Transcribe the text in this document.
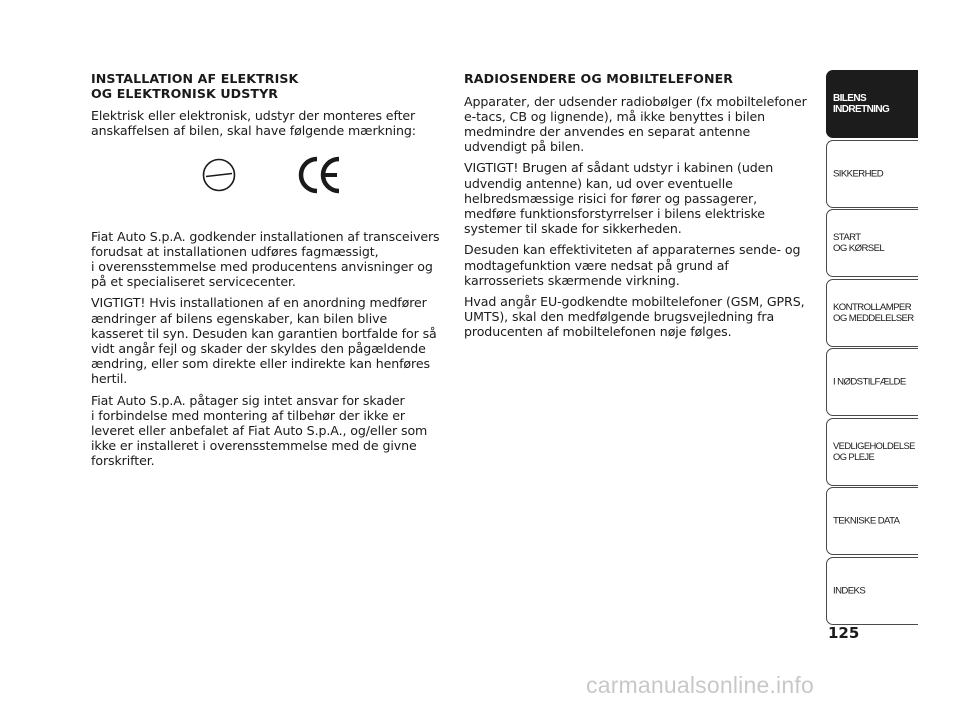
INSTALLATION AF ELEKTRISK
OG ELEKTRONISK UDSTYR

Elektrisk eller elektronisk, udstyr der monteres efter anskaffelsen af bilen, skal have følgende mærkning:

Fiat Auto S.p.A. godkender installationen af transceivers forudsat at installationen udføres fagmæssigt,
i overensstemmelse med producentens anvisninger og på et specialiseret servicecenter.

VIGTIGT! Hvis installationen af en anordning medfører ændringer af bilens egenskaber, kan bilen blive kasseret til syn. Desuden kan garantien bortfalde for så vidt angår fejl og skader der skyldes den pågældende ændring, eller som direkte eller indirekte kan henføres hertil.

Fiat Auto S.p.A. påtager sig intet ansvar for skader
i forbindelse med montering af tilbehør der ikke er leveret eller anbefalet af Fiat Auto S.p.A., og/eller som ikke er installeret i overensstemmelse med de givne forskrifter.

RADIOSENDERE OG MOBILTELEFONER

Apparater, der udsender radiobølger (fx mobiltelefoner e-tacs, CB og lignende), må ikke benyttes i bilen medmindre der anvendes en separat antenne udvendigt på bilen.

VIGTIGT! Brugen af sådant udstyr i kabinen (uden udvendig antenne) kan, ud over eventuelle helbredsmæssige risici for fører og passagerer, medføre funktionsforstyrrelser i bilens elektriske systemer til skade for sikkerheden.

Desuden kan effektiviteten af apparaternes sende- og modtagefunktion være nedsat på grund af karrosseriets skærmende virkning.

Hvad angår EU-godkendte mobiltelefoner (GSM, GPRS, UMTS), skal den medfølgende brugsvejledning fra producenten af mobiltelefonen nøje følges.

BILENS
INDRETNING
SIKKERHED
START
OG KØRSEL
KONTROLLAMPER
OG MEDDELELSER
I NØDSTILFÆLDE
VEDLIGEHOLDELSE
OG PLEJE
TEKNISKE DATA
INDEKS
125
carmanualsonline.info
